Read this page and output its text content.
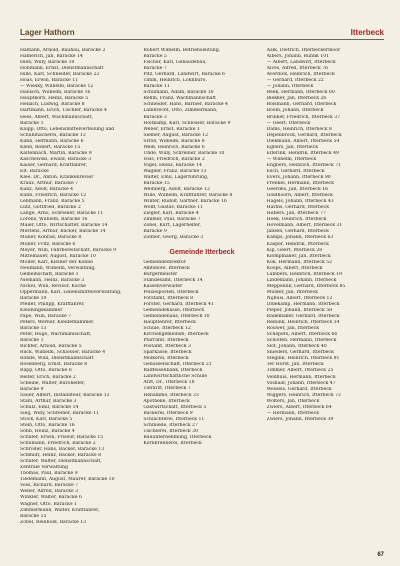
Lager Hathorn	Itterbeck
Hamann, Arnold, Bauhau, Baracke 2
Hamerich, Jan, Baracke 14
Hien, Willy, Baracke 10
Hohmann, Ernst, Dienstmannschaft
Hille, Karl, Schneider, Baracke 22
Hoas, Erwin, Baracke 11
— Wiesky, Wilhelm, Baracke 12
Hanisch, Wilhelm, Baracke 16
Hauptkorn, Heinz, Baracke 5
Hellach, Ludwig, Baracke 8
Hartmann, Erich, Tischler, Baracke 4
Hess, Albert, Wachmannschaft,
Baracke 1
Klopp, Otto, Lebensmittelverteilung und
Schuhmacherei, Baracke 13
Kühn, Hermann, Baracke 6
Klein, Robert, Baracke 15
Kaltenbach, Martin, Baracke 9
Kaschewski, Ewald, Baracke 3
Kaiser, Gerhard, Kraftfahrer,
Elt. Baracke
Klee, Dr., Anton, Krankenrevier
Kranz, Arthur, Baracke 7
Kunz, Adolf, Baracke 4
Kuhn, Friedrich, Baracke 12
Lehmann, Franz, Baracke 5
Lutz, Gottfried, Baracke 2
Lange, Arno, Schreiner, Baracke 11
Lorenz, Wilhelm, Baracke 16
Maier, Otto, Wirtschafter, Baracke 14
Mertens, Arthur, Bäcker, Baracke 14
Müller, Konrad, Baracke 8
Muller, Fritz, Baracke 6
Meyer, Willi, Fahrbereitschaft, Baracke 9
Mittelhauer, August, Baracke 10
Möller, Karl, Kleiner der Köhne
Neumann, Wilhelm, Verwaltung,
Gemeinschaft, Baracke 1
Niemann, Heinz, Baracke 3
Nickel, Willi, Revisor, Küche
Oppermann, Karl, Lebensmittelverwaltung,
Baracke 10
Pfeifer, Philipp, Kraftfahrer,
Kleidungskammer
Pape, Willi, Baracke 7
Peters, Werner, Kleiderkammer,
Baracke 13
Peter, Hugo, Wachmannschaft,
Baracke 1
Richter, Arnold, Baracke 5
Ruck, Wilhelm, Schlosser, Baracke 4
Rohde, Willi, Dienstmannschaft
Rosenberg, Ernst, Baracke 8
Rapp, Otto, Baracke 6
Reiter, Erich, Baracke 2
Scheibe, Walter, Bürohelfer,
Baracke 9
Sauer, Albert, Installateur, Baracke 12
Stahl, Arthur, Baracke 3
Schulz, Emil, Baracke 14
Sieg, Willy, Schreiner, Baracke 11
Stock, Karl, Baracke 5
Stein, Otto, Baracke 16
Sohn, Heinz, Baracke 4
Schäfer, Erwin, Friseur, Baracke 15
Schumann, Friedrich, Baracke 2
Schröder, Hans, Bäcker, Baracke 13
Schmidt, Heinz, Bäcker, Baracke 8
Schäfer, Walter, Dienstmannschaft,
Zentrale Verwaltung
Thomas, Paul, Baracke 9
Tiedemann, August, Maurer, Baracke 10
Voss, Richard, Baracke 7
Weber, Alfred, Baracke 3
Winkler, Walter, Baracke 6
Wagner, Otto, Baracke 1
Zimmermann, Walter, Kraftfahrer,
Baracke 15
Zobel, Reinhold, Baracke 13
Robert Wilhelm, Betriebsleitung,
Baracke 5
Fischer, Karl, Gebäudebau,
Baracke 7
Pitz, Gerhard, Landwirt, Baracke 6
Timm, Heinrich, Lohnbüro,
Baracke 11
Schumann, Adam, Baracke 16
Rehm, Franz, Wachmannschaft
Schneider, Hans, Barbier, Baracke 4
Lambrecht, Otto, Zimmermann,
Baracke 3
Holtkamp, Karl, Schlosser, Baracke 9
Weber, Ernst, Baracke 1
Siemer, August, Baracke 12
Stroh, Wilhelm, Baracke 8
Weiß, Heinrich, Baracke 6
Uhde, Willy, Schreiner, Baracke 10
Voss, Friedrich, Baracke 2
Vogel, Heinz, Baracke 14
Wagner, Franz, Baracke 13
Walter, Emil, Lagerführung,
Baracke 15
Weinberg, Adolf, Baracke 12
Wille, Wilhelm, Kraftfahrer, Baracke 8
Winter, Rudolf, Gärtner, Baracke 16
Wolff, Gustav, Baracke 11
Ziegler, Karl, Baracke 4
Zimmer, Paul, Baracke 7
Zobel, Kurt, Lagerhelfer,
Baracke 9
Zöllner, Georg, Baracke 3
Gemeinde Itterbeck
Gemeindedirektor
Amtsbote, Itterbeck
Bürgermeister
Standesamt, Itterbeck 14
Kassenverwalter
Polizeiposten, Itterbeck
Forstamt, Itterbeck 8
Förster, Gerhard, Itterbeck 41
Gemeindekasse, Itterbeck
Gemeindehaus, Itterbeck 10
Hauptlehrer, Itterbeck
Schule, Itterbeck 12
Kirchengemeinde, Itterbeck
Pfarramt, Itterbeck
Postamt, Itterbeck 3
Sparkasse, Itterbeck
Molkerei, Itterbeck
Genossenschaft, Itterbeck 21
Raiffeisenbank, Itterbeck
Landwirtschaftliche Schule
Arzt, Dr., Itterbeck 18
Tierarzt, Itterbeck 7
Hebamme, Itterbeck 33
Apotheke, Itterbeck
Gastwirtschaft, Itterbeck 5
Bäckerei, Itterbeck 9
Schlachterei, Itterbeck 11
Schmiede, Itterbeck 27
Tischlerei, Itterbeck 30
Bauunternehmung, Itterbeck
Kornbrennerei, Itterbeck
Aalk, Dietrich, Itterbeckermoor
Albers, Johann, Ruhnk 101
— Albert, Landwirt, Itterbeck
Alves, Alfred, Itterbeck 76
Averdick, Heinrich, Itterbeck
— Gerhard, Itterbeck 22
— Johann, Itterbeck
Beek, Hermann, Itterbeck 60
Blekker, Jan, Itterbeck 26
Bolsmann, Gerhard, Itterbeck
Boom, Johann, Itterbeck
Brinker, Friedrich, Itterbeck 37
— Geert, Itterbeck
Dams, Heinrich, Itterbeck 8
Depenbrock, Gerhard, Itterbeck
Diekmann, Albert, Itterbeck 54
Egbers, Jan, Itterbeck
Elferink, Hendrik, Itterbeck 49
— Wilhelm, Itterbeck
Engbers, Heinrich, Itterbeck 71
Esch, Gerhard, Itterbeck
Evers, Johann, Itterbeck 90
Frenkel, Hermann, Itterbeck
Geerdes, Jan, Itterbeck 16
Goldhoorn, Albert, Itterbeck
Hagels, Johann, Itterbeck 43
Harms, Gerhard, Itterbeck
Hilbers, Jan, Itterbeck 77
Hoek, Heinrich, Itterbeck
Hövelmann, Albert, Itterbeck 31
Jansen, Gerhard, Itterbeck
Kamps, Johann, Itterbeck 63
Kasper, Hendrik, Itterbeck
Kip, Geert, Itterbeck 28
Klompmaker, Jan, Itterbeck
Kok, Hermann, Itterbeck 52
Koops, Albert, Itterbeck
Lambers, Heinrich, Itterbeck 19
Lindemann, Johann, Itterbeck
Meppelink, Gerhard, Itterbeck 85
Mulder, Jan, Itterbeck
Nijhuis, Albert, Itterbeck 12
Oldekamp, Hermann, Itterbeck
Pieper, Johann, Itterbeck 58
Rademaker, Gerhard, Itterbeck
Reinink, Heinrich, Itterbeck 34
Rouwer, Jan, Itterbeck
Schepers, Albert, Itterbeck 66
Scholten, Hermann, Itterbeck
Slot, Johann, Itterbeck 40
Snieders, Gerhard, Itterbeck
Stegink, Heinrich, Itterbeck 81
Ter Horst, Jan, Itterbeck
Timmer, Albert, Itterbeck 25
Veldhuis, Hermann, Itterbeck
Voshaar, Johann, Itterbeck 47
Wessels, Gerhard, Itterbeck
Wiggers, Heinrich, Itterbeck 73
Wolters, Jan, Itterbeck
Zwiers, Albert, Itterbeck 64
— Hermann, Itterbeck
Zwiers, Johann, Itterbeck 39
67
